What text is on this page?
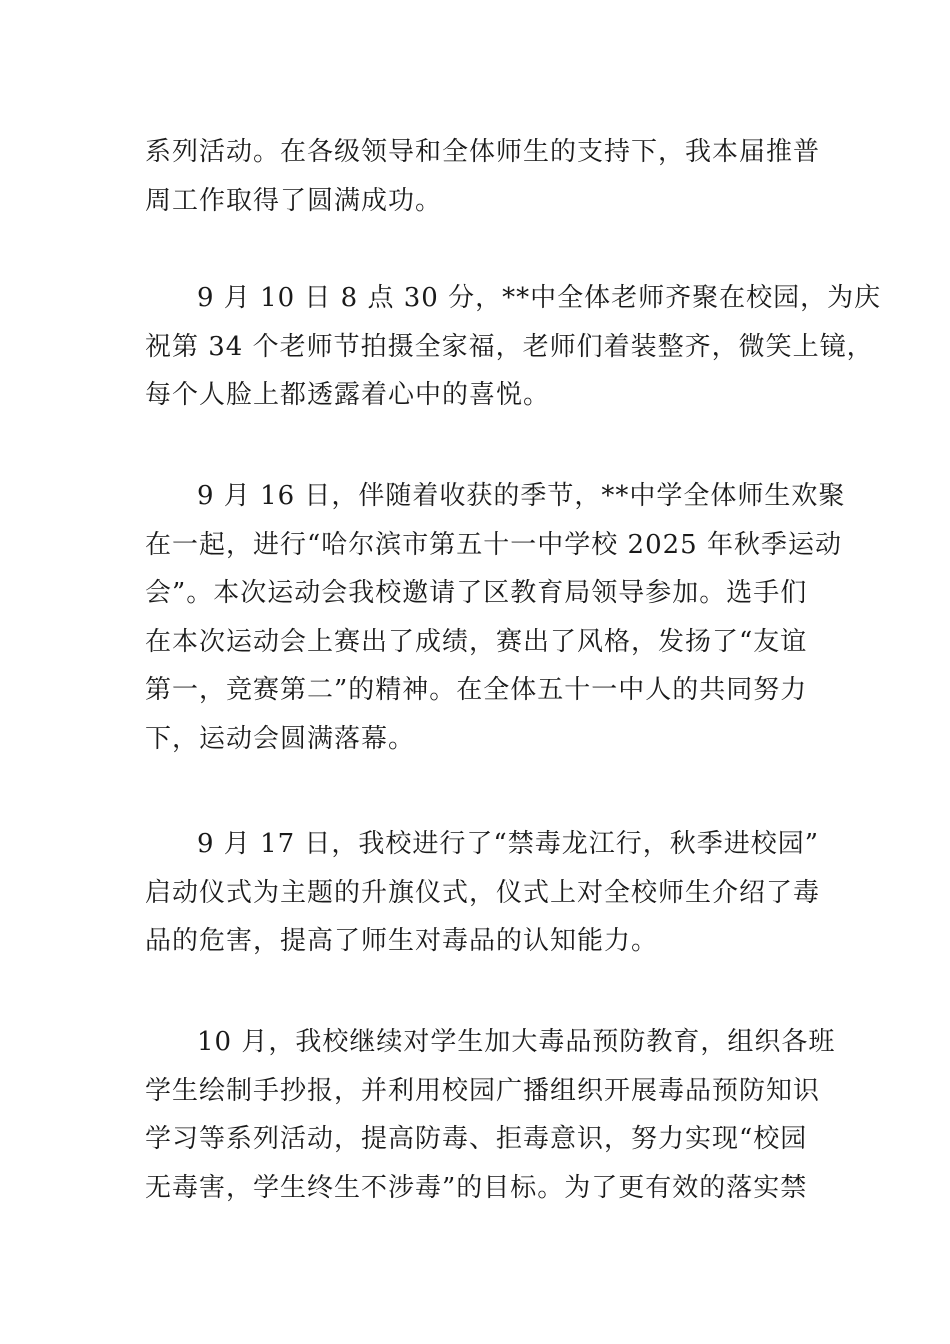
系列活动。在各级领导和全体师生的支持下，我本届推普
周工作取得了圆满成功。

9 月 10 日 8 点 30 分，**中全体老师齐聚在校园，为庆
祝第 34 个老师节拍摄全家福，老师们着装整齐，微笑上镜，
每个人脸上都透露着心中的喜悦。

9 月 16 日，伴随着收获的季节，**中学全体师生欢聚
在一起，进行“哈尔滨市第五十一中学校 2025 年秋季运动
会”。本次运动会我校邀请了区教育局领导参加。选手们
在本次运动会上赛出了成绩，赛出了风格，发扬了“友谊
第一，竞赛第二”的精神。在全体五十一中人的共同努力
下，运动会圆满落幕。

9 月 17 日，我校进行了“禁毒龙江行，秋季进校园”
启动仪式为主题的升旗仪式，仪式上对全校师生介绍了毒
品的危害，提高了师生对毒品的认知能力。

10 月，我校继续对学生加大毒品预防教育，组织各班
学生绘制手抄报，并利用校园广播组织开展毒品预防知识
学习等系列活动，提高防毒、拒毒意识，努力实现“校园
无毒害，学生终生不涉毒”的目标。为了更有效的落实禁
